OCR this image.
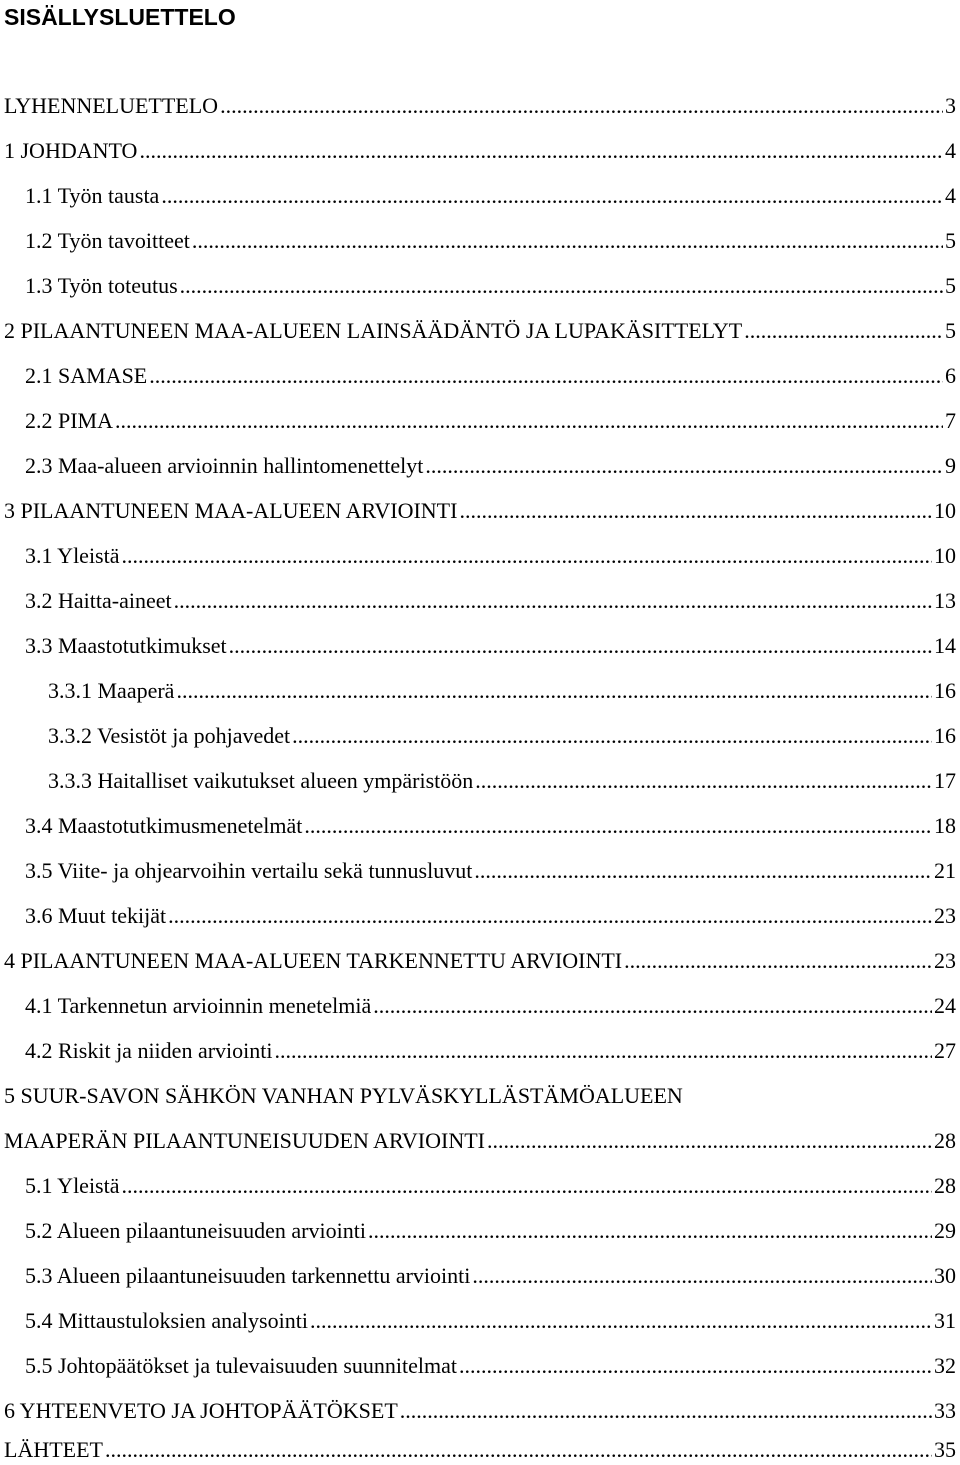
SISÄLLYSLUETTELO
LYHENNELUETTELO .....	3
1 JOHDANTO .....	4
1.1 Työn tausta .....	4
1.2 Työn tavoitteet .....	5
1.3 Työn toteutus .....	5
2 PILAANTUNEEN MAA-ALUEEN LAINSÄÄDÄNTÖ JA LUPAKÄSITTELYT .....	5
2.1 SAMASE .....	6
2.2 PIMA .....	7
2.3 Maa-alueen arvioinnin hallintomenettelyt .....	9
3 PILAANTUNEEN MAA-ALUEEN ARVIOINTI .....	10
3.1 Yleistä .....	10
3.2 Haitta-aineet .....	13
3.3 Maastotutkimukset .....	14
3.3.1 Maaperä .....	16
3.3.2 Vesistöt ja pohjavedet .....	16
3.3.3 Haitalliset vaikutukset alueen ympäristöön .....	17
3.4 Maastotutkimusmenetelmät .....	18
3.5 Viite- ja ohjearvoihin vertailu sekä tunnusluvut .....	21
3.6 Muut tekijät .....	23
4 PILAANTUNEEN MAA-ALUEEN TARKENNETTU ARVIOINTI .....	23
4.1 Tarkennetun arvioinnin menetelmiä .....	24
4.2 Riskit ja niiden arviointi .....	27
5 SUUR-SAVON SÄHKÖN VANHAN PYLVÄSKYLLÄSTÄMÖALUEEN
MAAPERÄN PILAANTUNEISUUDEN ARVIOINTI .....	28
5.1 Yleistä .....	28
5.2 Alueen pilaantuneisuuden arviointi .....	29
5.3 Alueen pilaantuneisuuden tarkennettu arviointi .....	30
5.4 Mittaustuloksien analysointi .....	31
5.5 Johtopäätökset ja tulevaisuuden suunnitelmat .....	32
6 YHTEENVETO JA JOHTOPÄÄTÖKSET .....	33
LÄHTEET .....	35
